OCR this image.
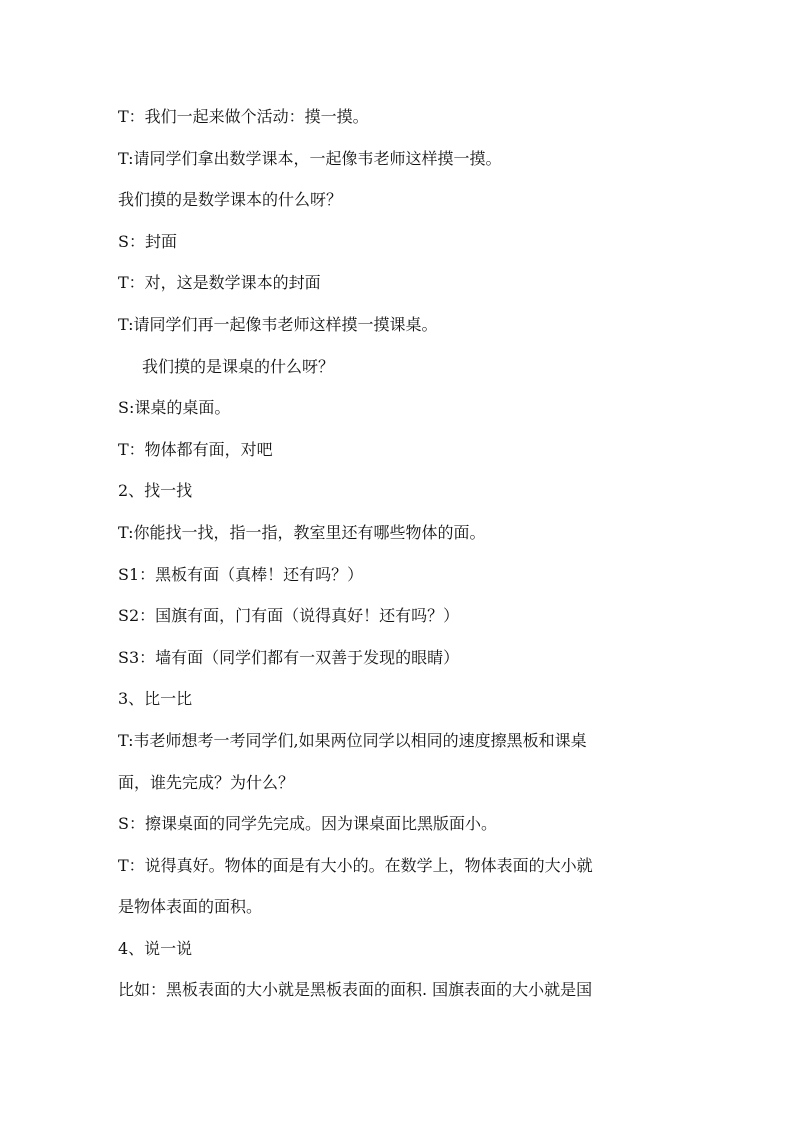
T：我们一起来做个活动：摸一摸。
T:请同学们拿出数学课本，一起像韦老师这样摸一摸。
我们摸的是数学课本的什么呀？
S：封面
T：对，这是数学课本的封面
T:请同学们再一起像韦老师这样摸一摸课桌。
我们摸的是课桌的什么呀？
S:课桌的桌面。
T：物体都有面，对吧
2、找一找
T:你能找一找，指一指，教室里还有哪些物体的面。
S1：黑板有面（真棒！还有吗？）
S2：国旗有面，门有面（说得真好！还有吗？）
S3：墙有面（同学们都有一双善于发现的眼睛）
3、比一比
T:韦老师想考一考同学们,如果两位同学以相同的速度擦黑板和课桌
面，谁先完成？为什么？
S：擦课桌面的同学先完成。因为课桌面比黑版面小。
T：说得真好。物体的面是有大小的。在数学上，物体表面的大小就
是物体表面的面积。
4、说一说
比如：黑板表面的大小就是黑板表面的面积. 国旗表面的大小就是国
